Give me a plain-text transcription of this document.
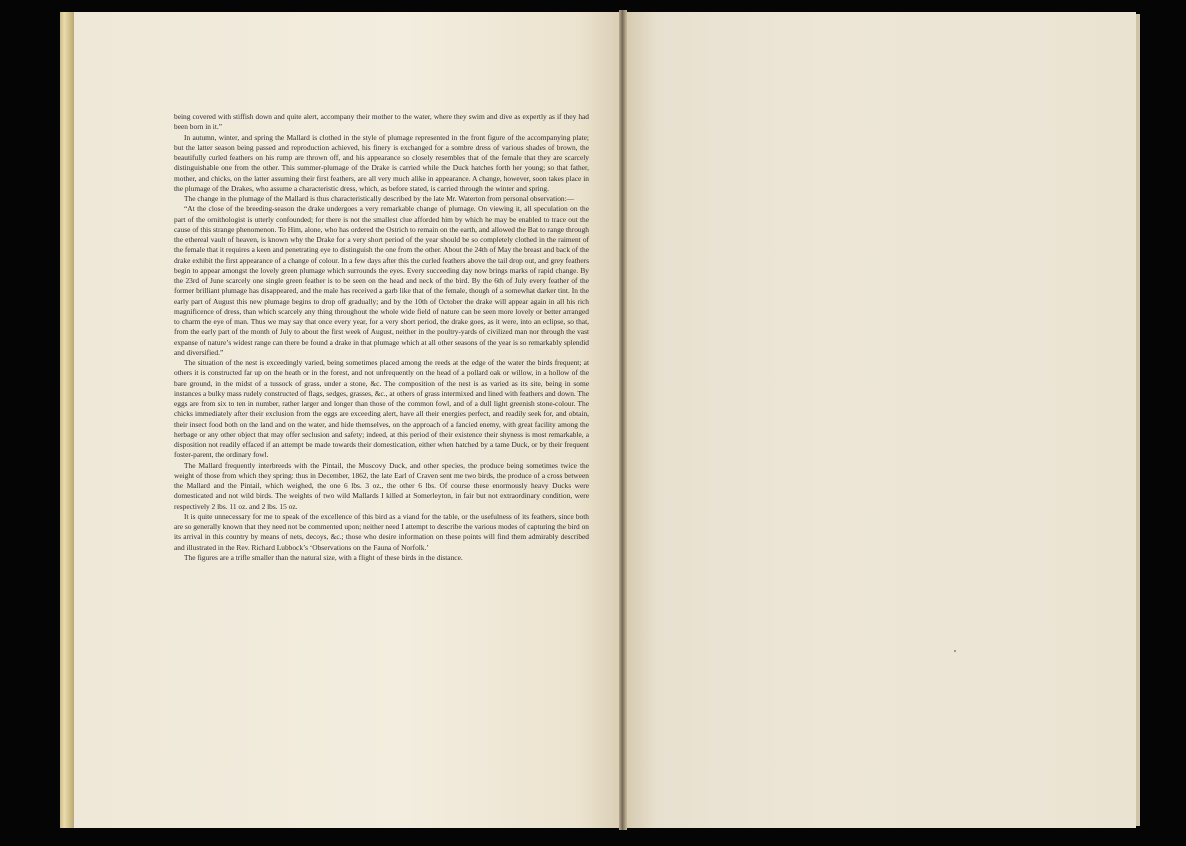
being covered with stiffish down and quite alert, accompany their mother to the water, where they swim and dive as expertly as if they had been born in it.”

In autumn, winter, and spring the Mallard is clothed in the style of plumage represented in the front figure of the accompanying plate; but the latter season being passed and reproduction achieved, his finery is exchanged for a sombre dress of various shades of brown, the beautifully curled feathers on his rump are thrown off, and his appearance so closely resembles that of the female that they are scarcely distinguishable one from the other. This summer-plumage of the Drake is carried while the Duck hatches forth her young; so that father, mother, and chicks, on the latter assuming their first feathers, are all very much alike in appearance. A change, however, soon takes place in the plumage of the Drakes, who assume a characteristic dress, which, as before stated, is carried through the winter and spring.

The change in the plumage of the Mallard is thus characteristically described by the late Mr. Waterton from personal observation:—

“At the close of the breeding-season the drake undergoes a very remarkable change of plumage. On viewing it, all speculation on the part of the ornithologist is utterly confounded; for there is not the smallest clue afforded him by which he may be enabled to trace out the cause of this strange phenomenon. To Him, alone, who has ordered the Ostrich to remain on the earth, and allowed the Bat to range through the ethereal vault of heaven, is known why the Drake for a very short period of the year should be so completely clothed in the raiment of the female that it requires a keen and penetrating eye to distinguish the one from the other. About the 24th of May the breast and back of the drake exhibit the first appearance of a change of colour. In a few days after this the curled feathers above the tail drop out, and grey feathers begin to appear amongst the lovely green plumage which surrounds the eyes. Every succeeding day now brings marks of rapid change. By the 23rd of June scarcely one single green feather is to be seen on the head and neck of the bird. By the 6th of July every feather of the former brilliant plumage has disappeared, and the male has received a garb like that of the female, though of a somewhat darker tint. In the early part of August this new plumage begins to drop off gradually; and by the 10th of October the drake will appear again in all his rich magnificence of dress, than which scarcely any thing throughout the whole wide field of nature can be seen more lovely or better arranged to charm the eye of man. Thus we may say that once every year, for a very short period, the drake goes, as it were, into an eclipse, so that, from the early part of the month of July to about the first week of August, neither in the poultry-yards of civilized man nor through the vast expanse of nature’s widest range can there be found a drake in that plumage which at all other seasons of the year is so remarkably splendid and diversified.”

The situation of the nest is exceedingly varied, being sometimes placed among the reeds at the edge of the water the birds frequent; at others it is constructed far up on the heath or in the forest, and not unfrequently on the head of a pollard oak or willow, in a hollow of the bare ground, in the midst of a tussock of grass, under a stone, &c. The composition of the nest is as varied as its site, being in some instances a bulky mass rudely constructed of flags, sedges, grasses, &c., at others of grass intermixed and lined with feathers and down. The eggs are from six to ten in number, rather larger and longer than those of the common fowl, and of a dull light greenish stone-colour. The chicks immediately after their exclusion from the eggs are exceeding alert, have all their energies perfect, and readily seek for, and obtain, their insect food both on the land and on the water, and hide themselves, on the approach of a fancied enemy, with great facility among the herbage or any other object that may offer seclusion and safety; indeed, at this period of their existence their shyness is most remarkable, a disposition not readily effaced if an attempt be made towards their domestication, either when hatched by a tame Duck, or by their frequent foster-parent, the ordinary fowl.

The Mallard frequently interbreeds with the Pintail, the Muscovy Duck, and other species, the produce being sometimes twice the weight of those from which they spring: thus in December, 1862, the late Earl of Craven sent me two birds, the produce of a cross between the Mallard and the Pintail, which weighed, the one 6 lbs. 3 oz., the other 6 lbs. Of course these enormously heavy Ducks were domesticated and not wild birds. The weights of two wild Mallards I killed at Somerleyton, in fair but not extraordinary condition, were respectively 2 lbs. 11 oz. and 2 lbs. 15 oz.

It is quite unnecessary for me to speak of the excellence of this bird as a viand for the table, or the usefulness of its feathers, since both are so generally known that they need not be commented upon; neither need I attempt to describe the various modes of capturing the bird on its arrival in this country by means of nets, decoys, &c.; those who desire information on these points will find them admirably described and illustrated in the Rev. Richard Lubbock’s ‘Observations on the Fauna of Norfolk.’

The figures are a trifle smaller than the natural size, with a flight of these birds in the distance.
